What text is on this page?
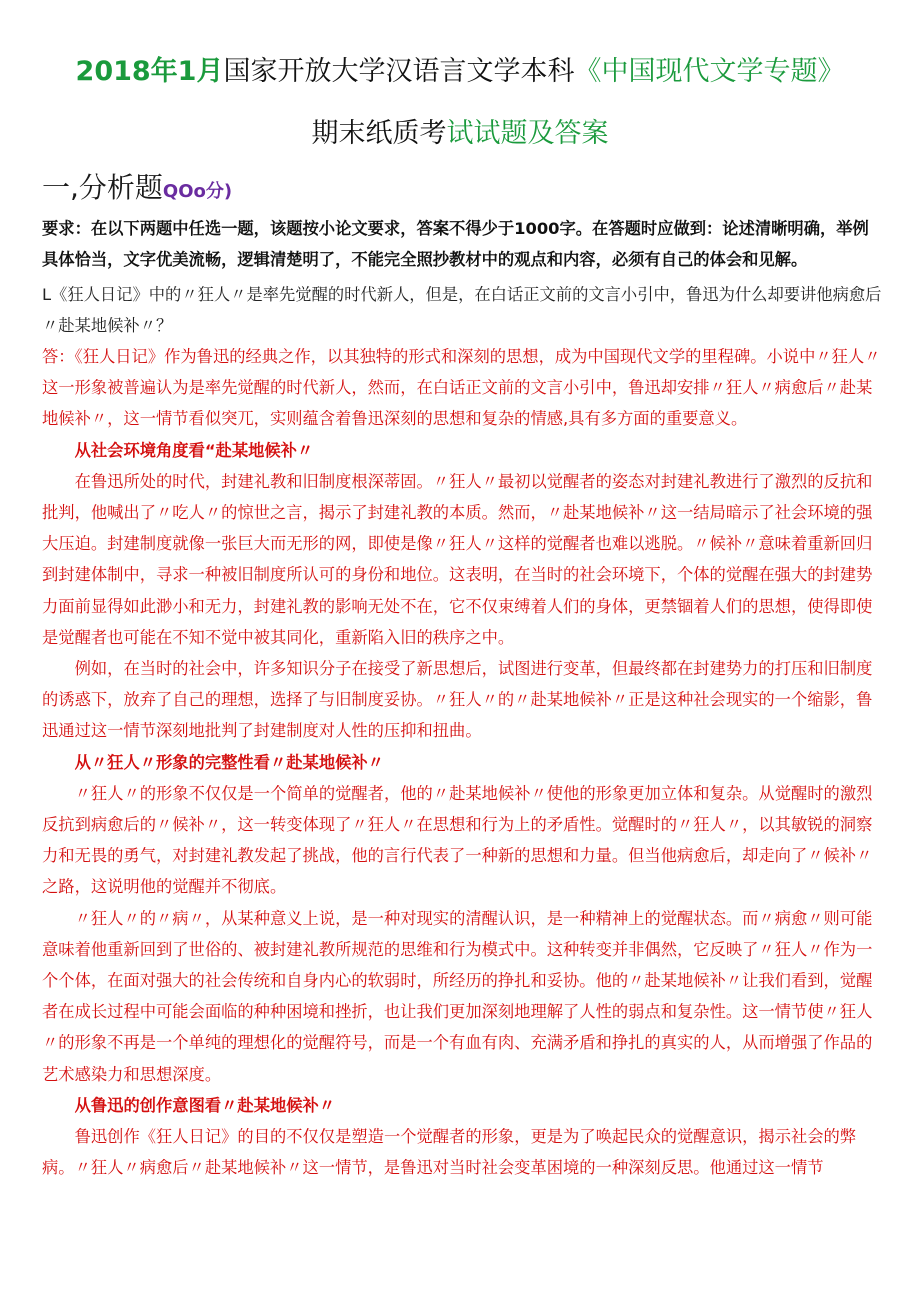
2018年1月国家开放大学汉语言文学本科《中国现代文学专题》
期末纸质考试试题及答案
一,分析题QOo分)
要求：在以下两题中任选一题，该题按小论文要求，答案不得少于1000字。在答题时应做到：论述清晰明确，举例具体恰当，文字优美流畅，逻辑清楚明了，不能完全照抄教材中的观点和内容，必须有自己的体会和见解。
L《狂人日记》中的〃狂人〃是率先觉醒的时代新人，但是，在白话正文前的文言小引中，鲁迅为什么却要讲他病愈后〃赴某地候补〃？

答：《狂人日记》作为鲁迅的经典之作，以其独特的形式和深刻的思想，成为中国现代文学的里程碑。小说中〃狂人〃这一形象被普遍认为是率先觉醒的时代新人，然而，在白话正文前的文言小引中，鲁迅却安排〃狂人〃病愈后〃赴某地候补〃，这一情节看似突兀，实则蕴含着鲁迅深刻的思想和复杂的情感,具有多方面的重要意义。

从社会环境角度看“赴某地候补〃

在鲁迅所处的时代，封建礼教和旧制度根深蒂固。〃狂人〃最初以觉醒者的姿态对封建礼教进行了激烈的反抗和批判，他喊出了〃吃人〃的惊世之言，揭示了封建礼教的本质。然而，〃赴某地候补〃这一结局暗示了社会环境的强大压迫。封建制度就像一张巨大而无形的网，即使是像〃狂人〃这样的觉醒者也难以逃脱。〃候补〃意味着重新回归到封建体制中，寻求一种被旧制度所认可的身份和地位。这表明，在当时的社会环境下，个体的觉醒在强大的封建势力面前显得如此渺小和无力，封建礼教的影响无处不在，它不仅束缚着人们的身体，更禁锢着人们的思想，使得即使是觉醒者也可能在不知不觉中被其同化，重新陷入旧的秩序之中。

例如，在当时的社会中，许多知识分子在接受了新思想后，试图进行变革，但最终都在封建势力的打压和旧制度的诱惑下，放弃了自己的理想，选择了与旧制度妥协。〃狂人〃的〃赴某地候补〃正是这种社会现实的一个缩影，鲁迅通过这一情节深刻地批判了封建制度对人性的压抑和扭曲。

从〃狂人〃形象的完整性看〃赴某地候补〃

〃狂人〃的形象不仅仅是一个简单的觉醒者，他的〃赴某地候补〃使他的形象更加立体和复杂。从觉醒时的激烈反抗到病愈后的〃候补〃，这一转变体现了〃狂人〃在思想和行为上的矛盾性。觉醒时的〃狂人〃，以其敏锐的洞察力和无畏的勇气，对封建礼教发起了挑战，他的言行代表了一种新的思想和力量。但当他病愈后，却走向了〃候补〃之路，这说明他的觉醒并不彻底。

〃狂人〃的〃病〃，从某种意义上说，是一种对现实的清醒认识，是一种精神上的觉醒状态。而〃病愈〃则可能意味着他重新回到了世俗的、被封建礼教所规范的思维和行为模式中。这种转变并非偶然，它反映了〃狂人〃作为一个个体，在面对强大的社会传统和自身内心的软弱时，所经历的挣扎和妥协。他的〃赴某地候补〃让我们看到，觉醒者在成长过程中可能会面临的种种困境和挫折，也让我们更加深刻地理解了人性的弱点和复杂性。这一情节使〃狂人〃的形象不再是一个单纯的理想化的觉醒符号，而是一个有血有肉、充满矛盾和挣扎的真实的人，从而增强了作品的艺术感染力和思想深度。

从鲁迅的创作意图看〃赴某地候补〃

鲁迅创作《狂人日记》的目的不仅仅是塑造一个觉醒者的形象，更是为了唤起民众的觉醒意识，揭示社会的弊病。〃狂人〃病愈后〃赴某地候补〃这一情节，是鲁迅对当时社会变革困境的一种深刻反思。他通过这一情节
